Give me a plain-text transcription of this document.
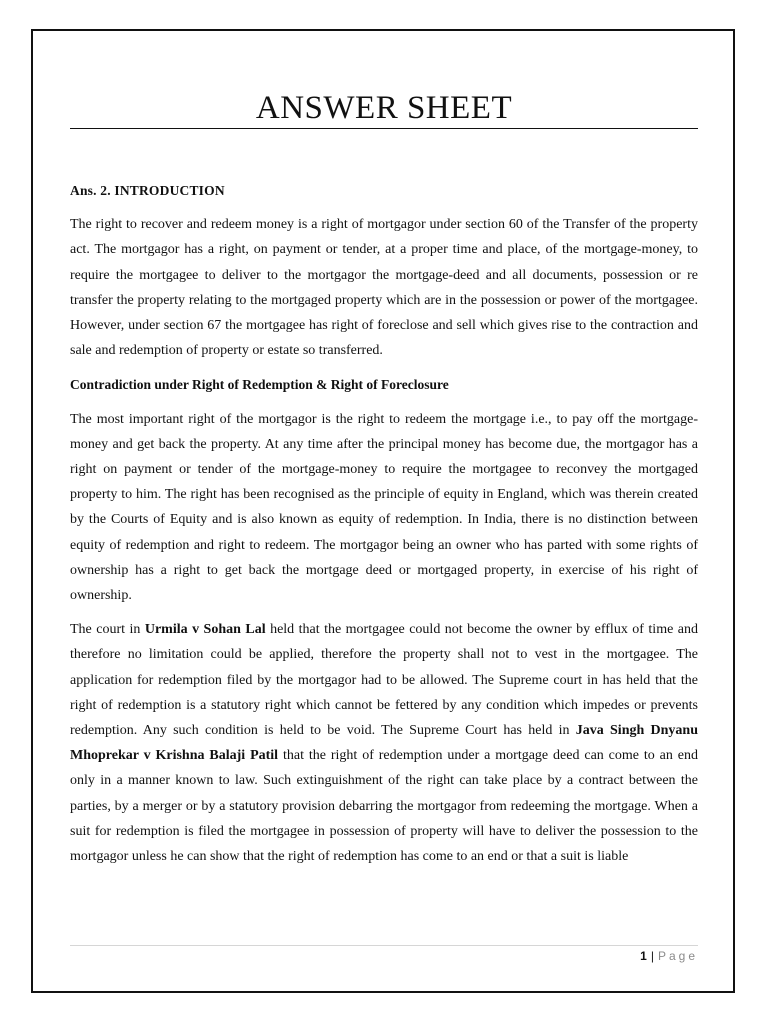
ANSWER SHEET

Ans. 2. INTRODUCTION

The right to recover and redeem money is a right of mortgagor under section 60 of the Transfer of the property act. The mortgagor has a right, on payment or tender, at a proper time and place, of the mortgage-money, to require the mortgagee to deliver to the mortgagor the mortgage-deed and all documents, possession or re transfer the property relating to the mortgaged property which are in the possession or power of the mortgagee. However, under section 67 the mortgagee has right of foreclose and sell which gives rise to the contraction and sale and redemption of property or estate so transferred.

Contradiction under Right of Redemption & Right of Foreclosure

The most important right of the mortgagor is the right to redeem the mortgage i.e., to pay off the mortgage-money and get back the property. At any time after the principal money has become due, the mortgagor has a right on payment or tender of the mortgage-money to require the mortgagee to reconvey the mortgaged property to him. The right has been recognised as the principle of equity in England, which was therein created by the Courts of Equity and is also known as equity of redemption. In India, there is no distinction between equity of redemption and right to redeem. The mortgagor being an owner who has parted with some rights of ownership has a right to get back the mortgage deed or mortgaged property, in exercise of his right of ownership.

The court in Urmila v Sohan Lal held that the mortgagee could not become the owner by efflux of time and therefore no limitation could be applied, therefore the property shall not to vest in the mortgagee. The application for redemption filed by the mortgagor had to be allowed. The Supreme court in has held that the right of redemption is a statutory right which cannot be fettered by any condition which impedes or prevents redemption. Any such condition is held to be void. The Supreme Court has held in Java Singh Dnyanu Mhoprekar v Krishna Balaji Patil that the right of redemption under a mortgage deed can come to an end only in a manner known to law. Such extinguishment of the right can take place by a contract between the parties, by a merger or by a statutory provision debarring the mortgagor from redeeming the mortgage. When a suit for redemption is filed the mortgagee in possession of property will have to deliver the possession to the mortgagor unless he can show that the right of redemption has come to an end or that a suit is liable

1 | Page
